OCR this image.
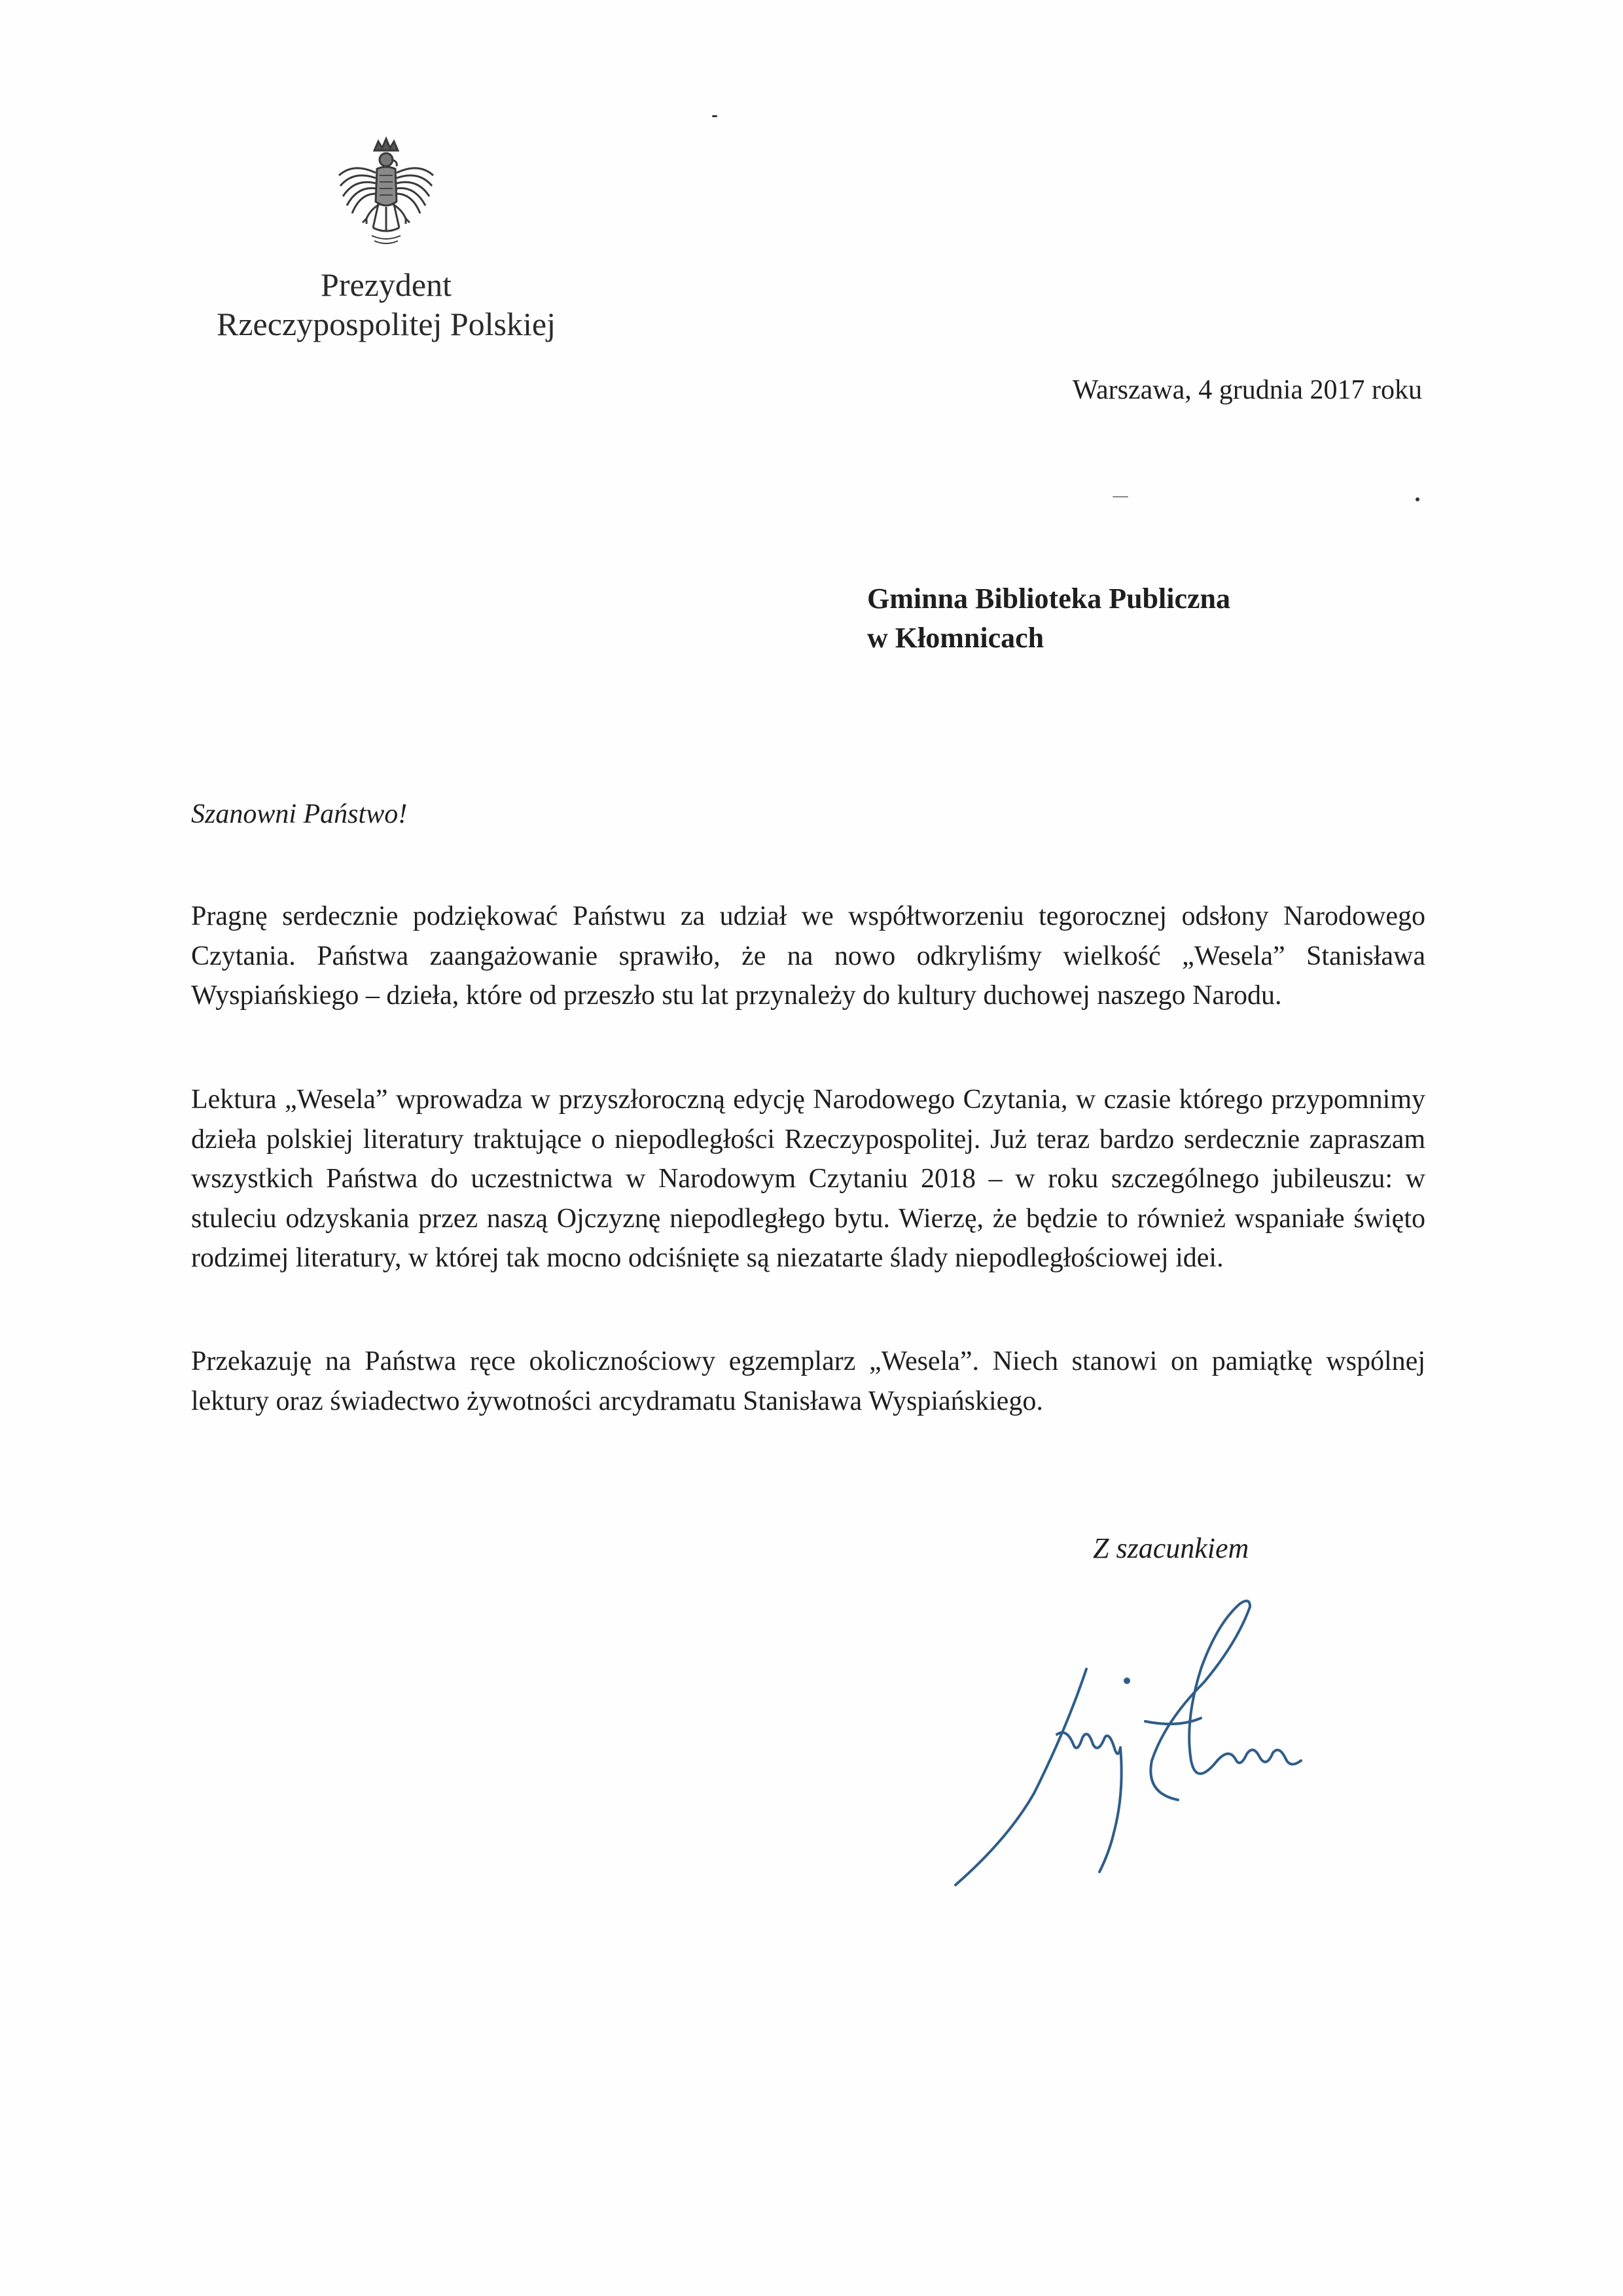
Prezydent
Rzeczypospolitej Polskiej
Warszawa, 4 grudnia 2017 roku
Gminna Biblioteka Publiczna
w Kłomnicach
Szanowni Państwo!

Pragnę serdecznie podziękować Państwu za udział we współtworzeniu tegorocznej odsłony Narodowego Czytania. Państwa zaangażowanie sprawiło, że na nowo odkryliśmy wielkość „Wesela” Stanisława Wyspiańskiego – dzieła, które od przeszło stu lat przynależy do kultury duchowej naszego Narodu.

Lektura „Wesela” wprowadza w przyszłoroczną edycję Narodowego Czytania, w czasie którego przypomnimy dzieła polskiej literatury traktujące o niepodległości Rzeczypospolitej. Już teraz bardzo serdecznie zapraszam wszystkich Państwa do uczestnictwa w Narodowym Czytaniu 2018 – w roku szczególnego jubileuszu: w stuleciu odzyskania przez naszą Ojczyznę niepodległego bytu. Wierzę, że będzie to również wspaniałe święto rodzimej literatury, w której tak mocno odciśnięte są niezatarte ślady niepodległościowej idei.

Przekazuję na Państwa ręce okolicznościowy egzemplarz „Wesela”. Niech stanowi on pamiątkę wspólnej lektury oraz świadectwo żywotności arcydramatu Stanisława Wyspiańskiego.

Z szacunkiem
